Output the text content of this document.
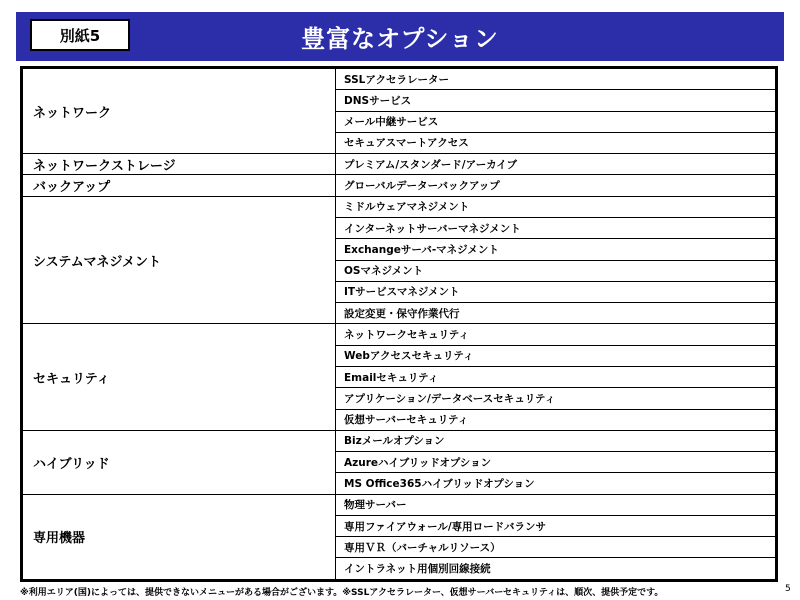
別紙5	豊富なオプション
ネットワーク	SSLアクセラレーター
	DNSサービス
	メール中継サービス
	セキュアスマートアクセス
ネットワークストレージ	プレミアム/スタンダード/アーカイブ
バックアップ	グローバルデーターバックアップ
システムマネジメント	ミドルウェアマネジメント
	インターネットサーバーマネジメント
	Exchangeサーバ-マネジメント
	OSマネジメント
	ITサービスマネジメント
	設定変更・保守作業代行
セキュリティ	ネットワークセキュリティ
	Webアクセスセキュリティ
	Emailセキュリティ
	アプリケーション/データベースセキュリティ
	仮想サーバーセキュリティ
ハイブリッド	Bizメールオプション
	Azureハイブリッドオプション
	MS Office365ハイブリッドオプション
専用機器	物理サーバー
	専用ファイアウォール/専用ロードバランサ
	専用ＶＲ（バーチャルリソース）
	イントラネット用個別回線接続
※利用エリア(国)によっては、提供できないメニューがある場合がございます。※SSLアクセラレーター、仮想サーバーセキュリティは、順次、提供予定です。	5
